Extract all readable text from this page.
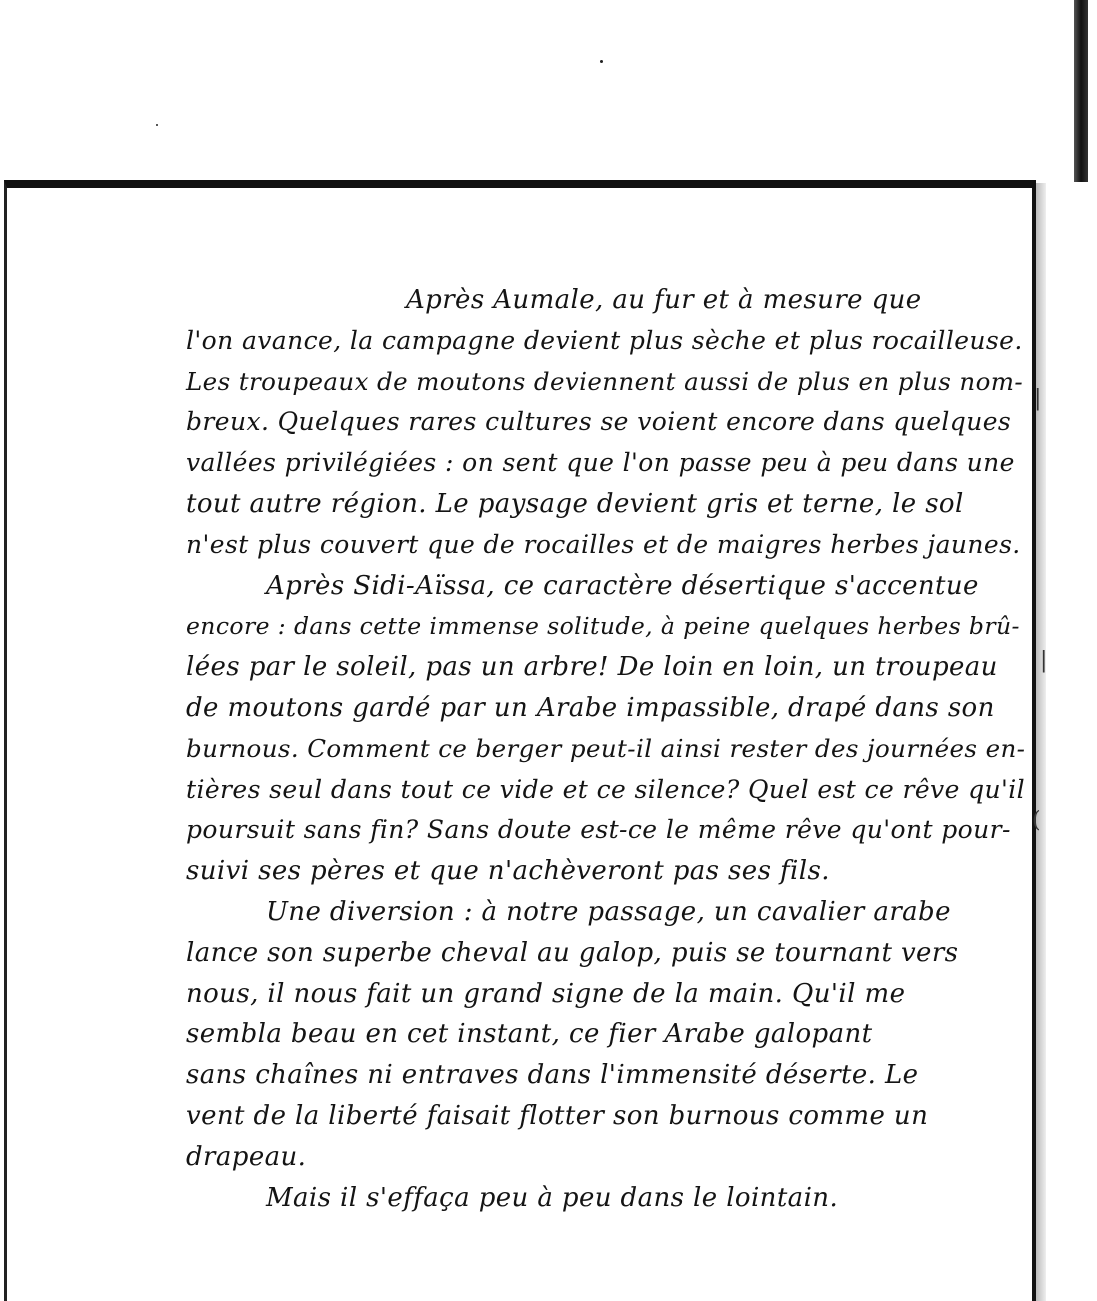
|
|
(
Après Aumale, au fur et à mesure que
l'on avance, la campagne devient plus sèche et plus rocailleuse.
Les troupeaux de moutons deviennent aussi de plus en plus nom-
breux. Quelques rares cultures se voient encore dans quelques
vallées privilégiées : on sent que l'on passe peu à peu dans une
tout autre région. Le paysage devient gris et terne, le sol
n'est plus couvert que de rocailles et de maigres herbes jaunes.
Après Sidi-Aïssa, ce caractère désertique s'accentue
encore : dans cette immense solitude, à peine quelques herbes brû-
lées par le soleil, pas un arbre! De loin en loin, un troupeau
de moutons gardé par un Arabe impassible, drapé dans son
burnous. Comment ce berger peut-il ainsi rester des journées en-
tières seul dans tout ce vide et ce silence? Quel est ce rêve qu'il
poursuit sans fin? Sans doute est-ce le même rêve qu'ont pour-
suivi ses pères et que n'achèveront pas ses fils.
Une diversion : à notre passage, un cavalier arabe
lance son superbe cheval au galop, puis se tournant vers
nous, il nous fait un grand signe de la main. Qu'il me
sembla beau en cet instant, ce fier Arabe galopant
sans chaînes ni entraves dans l'immensité déserte. Le
vent de la liberté faisait flotter son burnous comme un
drapeau.
Mais il s'effaça peu à peu dans le lointain.
